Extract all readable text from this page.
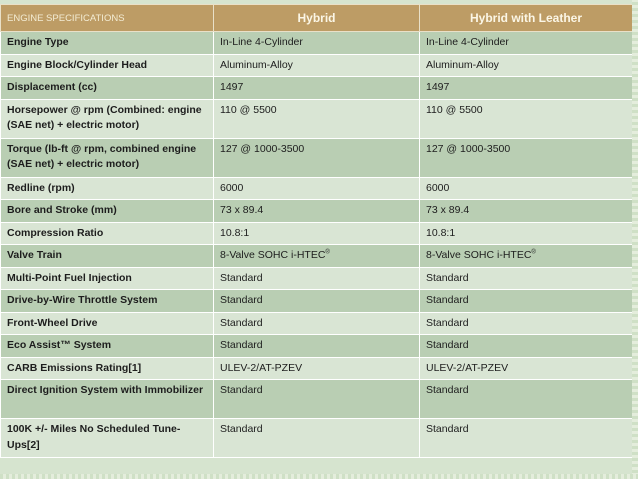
ENGINE SPECIFICATIONS	Hybrid	Hybrid with Leather
Engine Type	In-Line 4-Cylinder	In-Line 4-Cylinder
Engine Block/Cylinder Head	Aluminum-Alloy	Aluminum-Alloy
Displacement (cc)	1497	1497
Horsepower @ rpm (Combined: engine (SAE net) + electric motor)	110 @ 5500	110 @ 5500
Torque (lb-ft @ rpm, combined engine (SAE net) + electric motor)	127 @ 1000-3500	127 @ 1000-3500
Redline (rpm)	6000	6000
Bore and Stroke (mm)	73 x 89.4	73 x 89.4
Compression Ratio	10.8:1	10.8:1
Valve Train	8-Valve SOHC i-HTEC®	8-Valve SOHC i-HTEC®
Multi-Point Fuel Injection	Standard	Standard
Drive-by-Wire Throttle System	Standard	Standard
Front-Wheel Drive	Standard	Standard
Eco Assist™ System	Standard	Standard
CARB Emissions Rating[1]	ULEV-2/AT-PZEV	ULEV-2/AT-PZEV
Direct Ignition System with Immobilizer	Standard	Standard
100K +/- Miles No Scheduled Tune-Ups[2]	Standard	Standard
